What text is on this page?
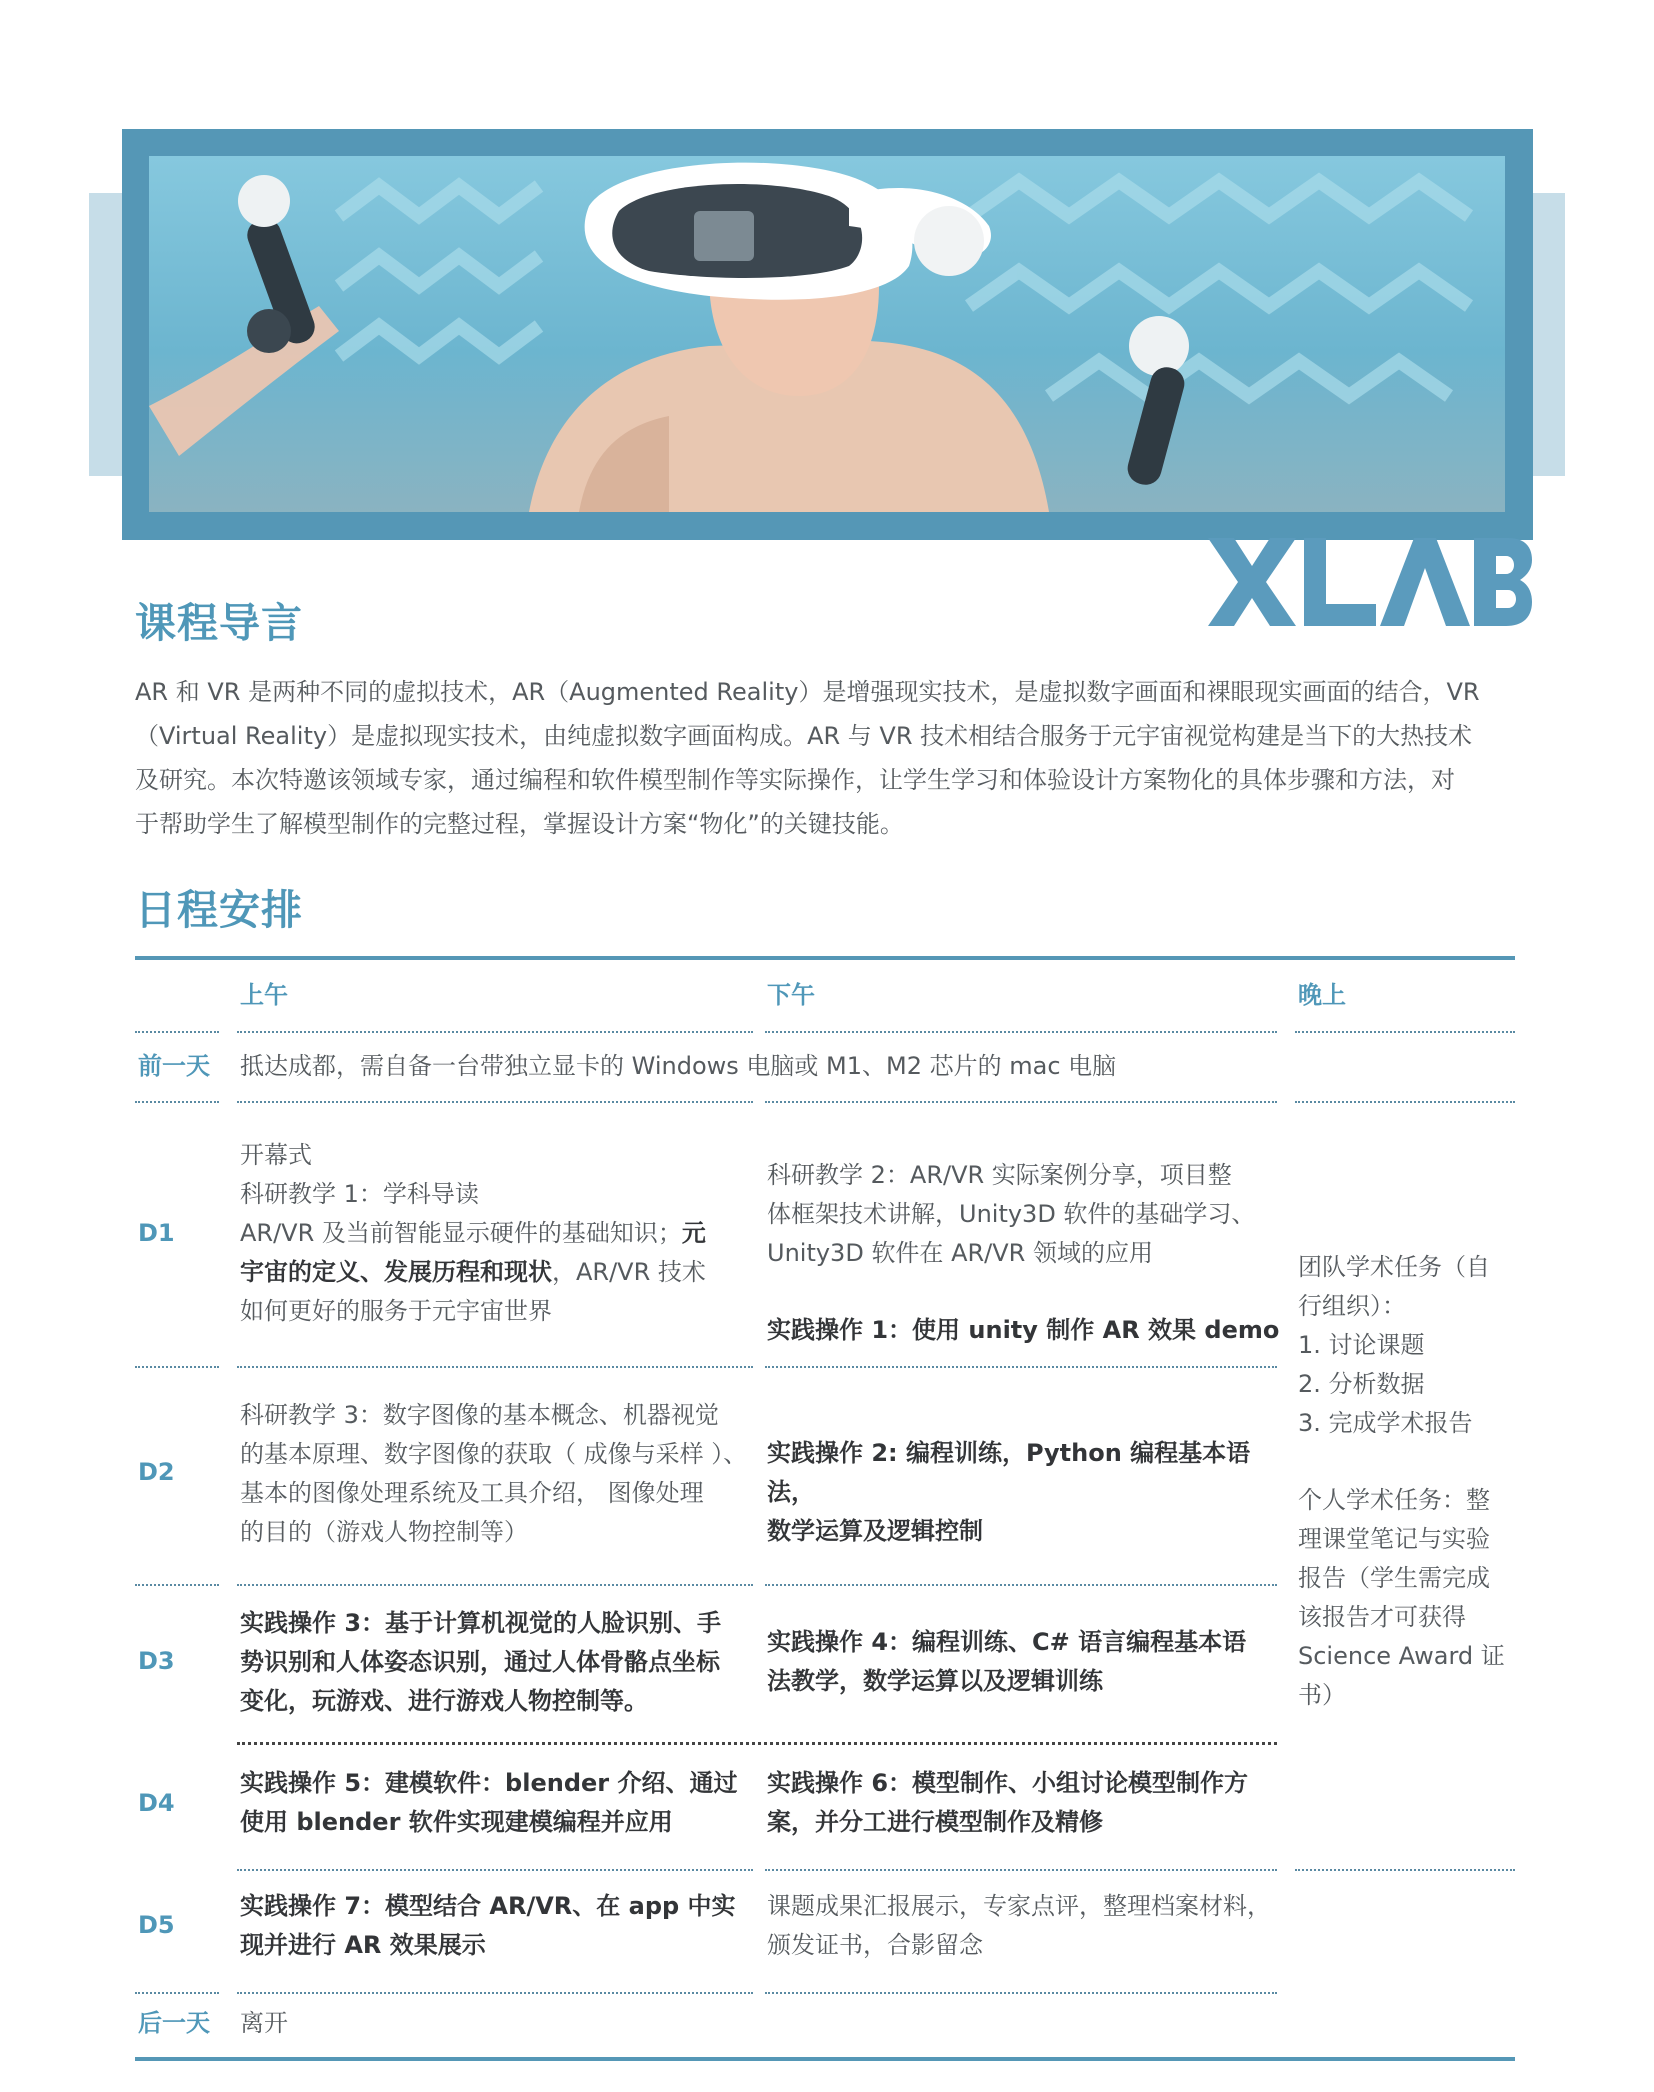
课程导言
AR 和 VR 是两种不同的虚拟技术，AR（Augmented Reality）是增强现实技术，是虚拟数字画面和裸眼现实画面的结合，VR
（Virtual Reality）是虚拟现实技术，由纯虚拟数字画面构成。AR 与 VR 技术相结合服务于元宇宙视觉构建是当下的大热技术
及研究。本次特邀该领域专家，通过编程和软件模型制作等实际操作，让学生学习和体验设计方案物化的具体步骤和方法，对
于帮助学生了解模型制作的完整过程，掌握设计方案“物化”的关键技能。
日程安排
上午	下午	晚上
前一天 抵达成都，需自备一台带独立显卡的 Windows 电脑或 M1、M2 芯片的 mac 电脑
D1
开幕式
科研教学 1：学科导读
AR/VR 及当前智能显示硬件的基础知识；元
宇宙的定义、发展历程和现状，AR/VR 技术
如何更好的服务于元宇宙世界
科研教学 2：AR/VR 实际案例分享，项目整
体框架技术讲解，Unity3D 软件的基础学习、
Unity3D 软件在 AR/VR 领域的应用
实践操作 1：使用 unity 制作 AR 效果 demo
团队学术任务（自
行组织）：
1. 讨论课题
2. 分析数据
3. 完成学术报告
个人学术任务：整
理课堂笔记与实验
报告（学生需完成
该报告才可获得
Science Award 证
书）
D2
科研教学 3：数字图像的基本概念、机器视觉
的基本原理、数字图像的获取（ 成像与采样 ）、
基本的图像处理系统及工具介绍， 图像处理
的目的（游戏人物控制等）
实践操作 2: 编程训练，Python 编程基本语法，
数学运算及逻辑控制
D3
实践操作 3：基于计算机视觉的人脸识别、手
势识别和人体姿态识别，通过人体骨骼点坐标
变化，玩游戏、进行游戏人物控制等。
实践操作 4：编程训练、C# 语言编程基本语
法教学，数学运算以及逻辑训练
D4
实践操作 5：建模软件：blender 介绍、通过
使用 blender 软件实现建模编程并应用
实践操作 6：模型制作、小组讨论模型制作方
案，并分工进行模型制作及精修
D5
实践操作 7：模型结合 AR/VR、在 app 中实
现并进行 AR 效果展示
课题成果汇报展示，专家点评，整理档案材料，
颁发证书，合影留念
后一天 离开
